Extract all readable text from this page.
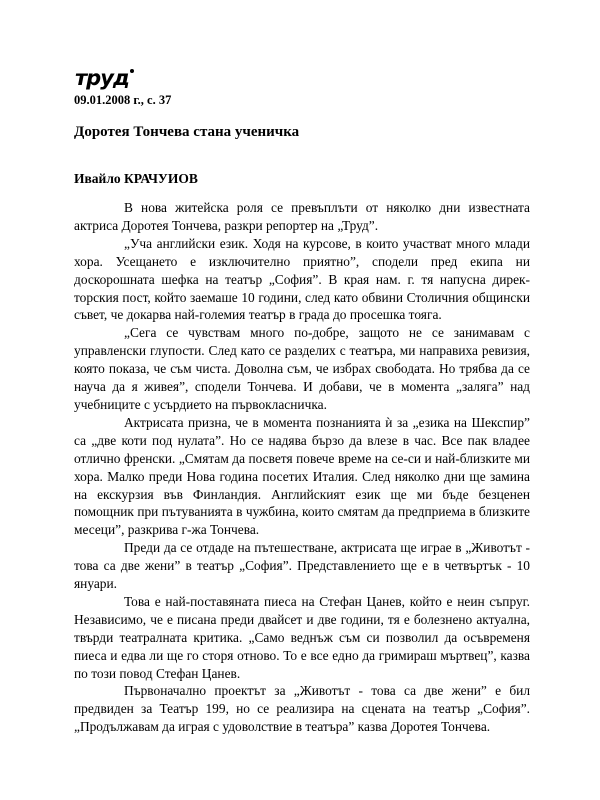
труд
09.01.2008 г., с. 37
Доротея Тончева стана ученичка
Ивайло КРАЧУИОВ

В нова житейска роля се превъплъти от няколко дни известната актриса Доротея Тончева, разкри репортер на „Труд”.

„Уча английски език. Ходя на курсове, в които участват много млади хора. Усещането е изключително приятно”, сподели пред екипа ни доскорошната шефка на театър „София”. В края нам. г. тя напусна дирек-торския пост, който заемаше 10 години, след като обвини Столичния общински съвет, че докарва най-големия театър в града до просешка тояга.

„Сега се чувствам много по-добре, защото не се занимавам с управленски глупости. След като се разделих с театъра, ми направиха ревизия, която показа, че съм чиста. Доволна съм, че избрах свободата. Но трябва да се науча да я живея”, сподели Тончева. И добави, че в момента „заляга” над учебниците с усърдието на първокласничка.

Актрисата призна, че в момента познанията ѝ за „езика на Шекспир” са „две коти под нулата”. Но се надява бързо да влезе в час. Все пак владее отлично френски. „Смятам да посветя повече време на се-си и най-близките ми хора. Малко преди Нова година посетих Италия. След няколко дни ще замина на екскурзия във Финландия. Английският език ще ми бъде безценен помощник при пътуванията в чужбина, които смятам да предприема в близките месеци”, разкрива г-жа Тончева.

Преди да се отдаде на пътешестване, актрисата ще играе в „Животът - това са две жени” в театър „София”. Представлението ще е в четвъртък - 10 януари.

Това е най-поставяната пиеса на Стефан Цанев, който е неин съпруг. Независимо, че е писана преди двайсет и две години, тя е болезнено актуална, твърди театралната критика. „Само веднъж съм си позволил да осъвременя пиеса и едва ли ще го сторя отново. То е все едно да гримираш мъртвец”, казва по този повод Стефан Цанев.

Първоначално проектът за „Животът - това са две жени” е бил предвиден за Театър 199, но се реализира на сцената на театър „София”. „Продължавам да играя с удоволствие в театъра” казва Доротея Тончева.
